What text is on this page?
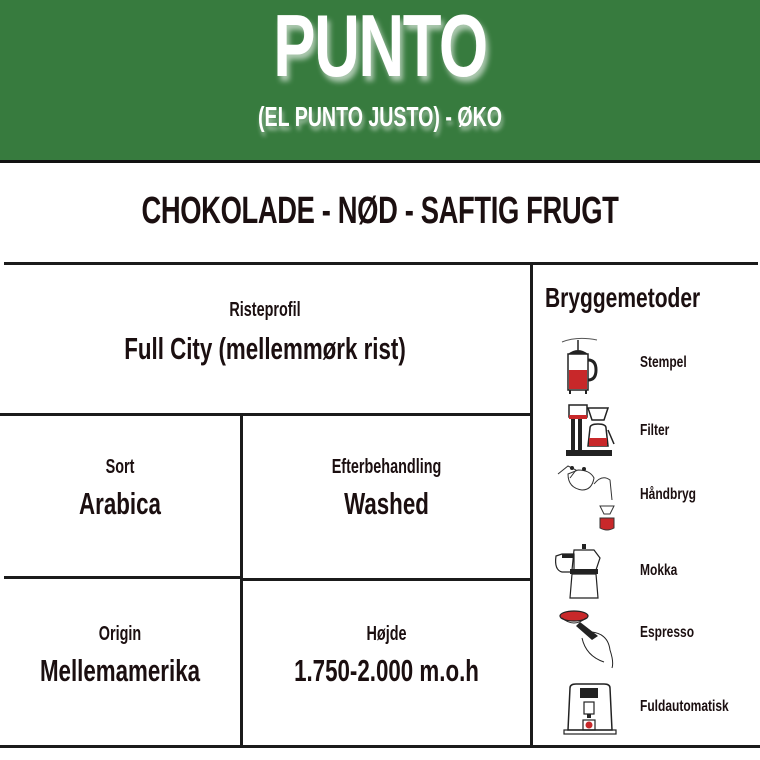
PUNTO
(EL PUNTO JUSTO) - ØKO
CHOKOLADE - NØD - SAFTIG FRUGT
Risteprofil
Full City (mellemmørk rist)
Sort
Arabica
Efterbehandling
Washed
Origin
Mellemamerika
Højde
1.750-2.000 m.o.h
Bryggemetoder
Stempel
Filter
Håndbryg
Mokka
Espresso
Fuldautomatisk
